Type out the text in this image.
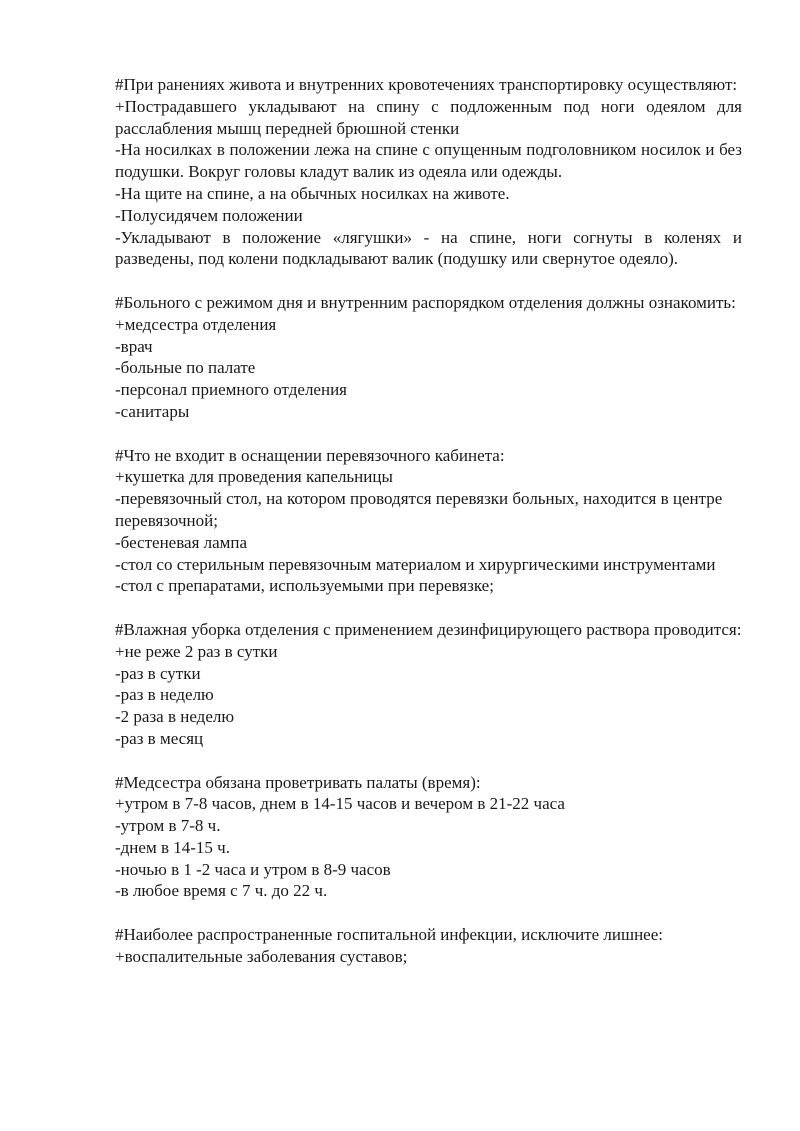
#При ранениях живота и внутренних кровотечениях транспортировку осуществляют:

+Пострадавшего укладывают на спину с подложенным под ноги одеялом для расслабления мышц передней брюшной стенки

-На носилках в положении лежа на спине с опущенным подголовником носилок и без подушки. Вокруг головы кладут валик из одеяла или одежды.

-На щите на спине, а на обычных носилках на животе.

-Полусидячем положении

-Укладывают в положение «лягушки» - на спине, ноги согнуты в коленях и разведены, под колени подкладывают валик (подушку или свернутое одеяло).

#Больного с режимом дня и внутренним распорядком отделения должны ознакомить:

+медсестра отделения

-врач

-больные по палате

-персонал приемного отделения

-санитары

#Что не входит в оснащении перевязочного кабинета:

+кушетка для проведения капельницы

-перевязочный стол, на котором проводятся перевязки больных, находится в центре перевязочной;

-бестеневая лампа

-стол со стерильным перевязочным материалом и хирургическими инструментами

-стол с препаратами, используемыми при перевязке;

#Влажная уборка отделения с применением дезинфицирующего раствора проводится:

+не реже 2 раз в сутки

-раз в сутки

-раз в неделю

-2 раза в неделю

-раз в месяц

#Медсестра обязана проветривать палаты (время):

+утром в 7-8 часов, днем в 14-15 часов и вечером в 21-22 часа

-утром в 7-8 ч.

-днем в 14-15 ч.

-ночью в 1 -2 часа и утром в 8-9 часов

-в любое время с 7 ч. до 22 ч.

#Наиболее распространенные госпитальной инфекции, исключите лишнее:

+воспалительные заболевания суставов;
